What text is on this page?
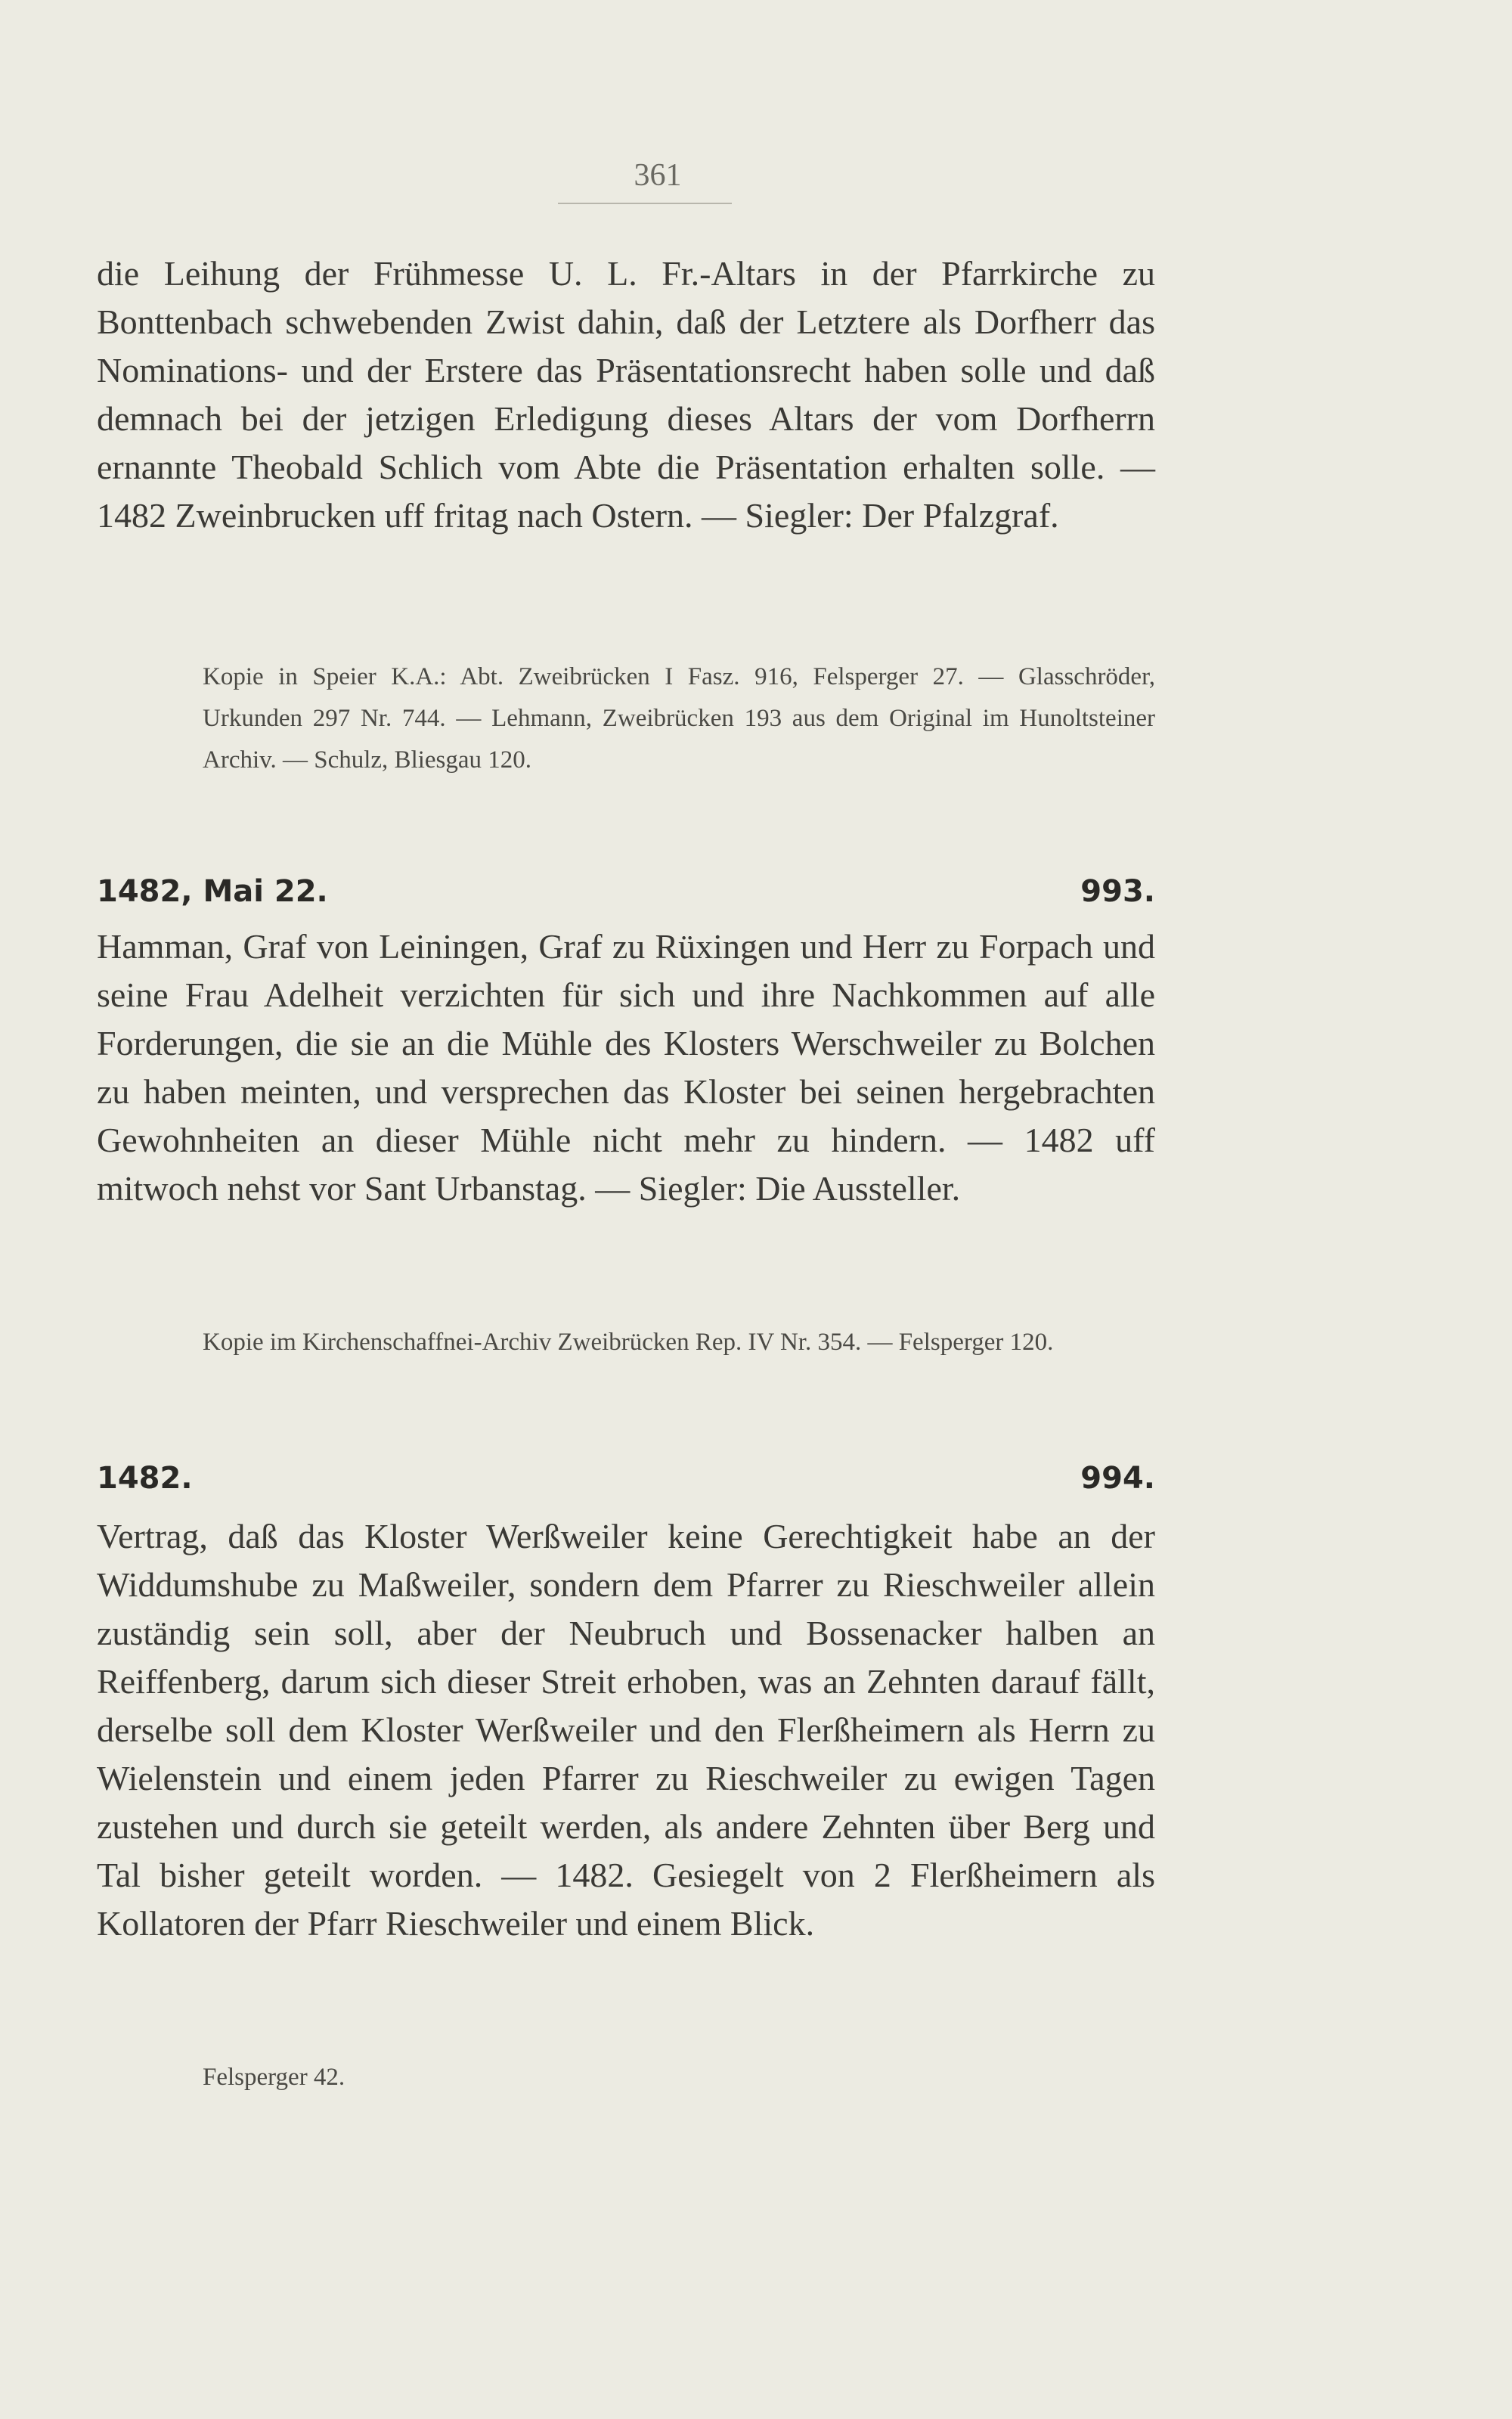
361

die Leihung der Frühmesse U. L. Fr.-Altars in der Pfarrkirche zu Bonttenbach schwebenden Zwist dahin, daß der Letztere als Dorfherr das Nominations- und der Erstere das Präsentationsrecht haben solle und daß demnach bei der jetzigen Erledigung dieses Altars der vom Dorfherrn ernannte Theobald Schlich vom Abte die Präsentation erhalten solle. — 1482 Zweinbrucken uff fritag nach Ostern. — Siegler: Der Pfalzgraf.

Kopie in Speier K.A.: Abt. Zweibrücken I Fasz. 916, Felsperger 27. — Glasschröder, Urkunden 297 Nr. 744. — Lehmann, Zweibrücken 193 aus dem Original im Hunoltsteiner Archiv. — Schulz, Bliesgau 120.

1482, Mai 22.	993.

Hamman, Graf von Leiningen, Graf zu Rüxingen und Herr zu Forpach und seine Frau Adelheit verzichten für sich und ihre Nachkommen auf alle Forderungen, die sie an die Mühle des Klosters Werschweiler zu Bolchen zu haben meinten, und versprechen das Kloster bei seinen hergebrachten Gewohnheiten an dieser Mühle nicht mehr zu hindern. — 1482 uff mitwoch nehst vor Sant Urbanstag. — Siegler: Die Aussteller.

Kopie im Kirchenschaffnei-Archiv Zweibrücken Rep. IV Nr. 354. — Felsperger 120.

1482.	994.

Vertrag, daß das Kloster Werßweiler keine Gerechtigkeit habe an der Widdumshube zu Maßweiler, sondern dem Pfarrer zu Rieschweiler allein zuständig sein soll, aber der Neubruch und Bossenacker halben an Reiffenberg, darum sich dieser Streit erhoben, was an Zehnten darauf fällt, derselbe soll dem Kloster Werßweiler und den Flerßheimern als Herrn zu Wielenstein und einem jeden Pfarrer zu Rieschweiler zu ewigen Tagen zustehen und durch sie geteilt werden, als andere Zehnten über Berg und Tal bisher geteilt worden. — 1482. Gesiegelt von 2 Flerßheimern als Kollatoren der Pfarr Rieschweiler und einem Blick.

Felsperger 42.
